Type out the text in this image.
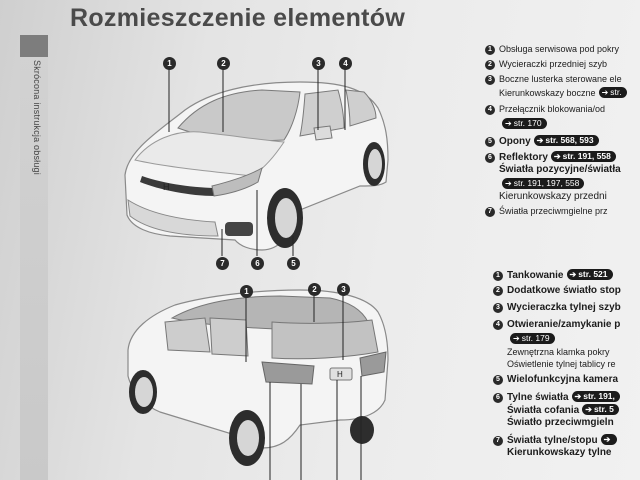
Skrócona instrukcja obsługi
Rozmieszczenie elementów
H
H
1	2	3	4
7	6	5
1	2	3
1 Obsługa serwisowa pod pokry
2 Wycieraczki przedniej szyb
3 Boczne lusterka sterowane ele
Kierunkowskazy boczne ➔ str.
4 Przełącznik blokowania/od
➔ str. 170
5 Opony ➔ str. 568, 593
6 Reflektory ➔ str. 191, 558
Światła pozycyjne/światła
➔ str. 191, 197, 558
Kierunkowskazy przedni
7 Światła przeciwmgielne prz
1 Tankowanie ➔ str. 521
2 Dodatkowe światło stop
3 Wycieraczka tylnej szyb
4 Otwieranie/zamykanie p
➔ str. 179
Zewnętrzna klamka pokry
Oświetlenie tylnej tablicy re
5 Wielofunkcyjna kamera
6 Tylne światła ➔ str. 191,
Światła cofania ➔ str. 5
Światło przeciwmgieln
7 Światła tylne/stopu ➔
Kierunkowskazy tylne
